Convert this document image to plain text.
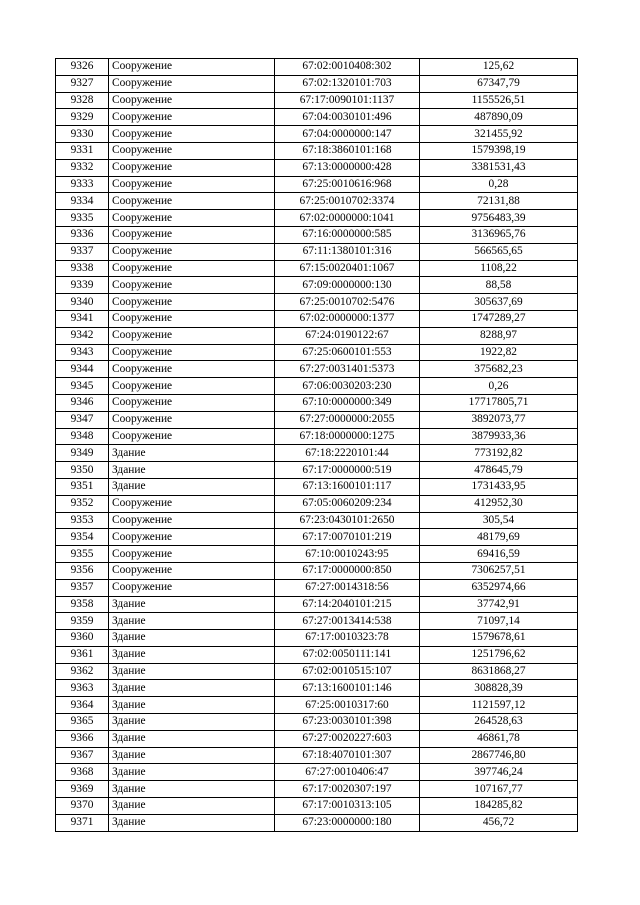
9326	Сооружение	67:02:0010408:302	125,62
9327	Сооружение	67:02:1320101:703	67347,79
9328	Сооружение	67:17:0090101:1137	1155526,51
9329	Сооружение	67:04:0030101:496	487890,09
9330	Сооружение	67:04:0000000:147	321455,92
9331	Сооружение	67:18:3860101:168	1579398,19
9332	Сооружение	67:13:0000000:428	3381531,43
9333	Сооружение	67:25:0010616:968	0,28
9334	Сооружение	67:25:0010702:3374	72131,88
9335	Сооружение	67:02:0000000:1041	9756483,39
9336	Сооружение	67:16:0000000:585	3136965,76
9337	Сооружение	67:11:1380101:316	566565,65
9338	Сооружение	67:15:0020401:1067	1108,22
9339	Сооружение	67:09:0000000:130	88,58
9340	Сооружение	67:25:0010702:5476	305637,69
9341	Сооружение	67:02:0000000:1377	1747289,27
9342	Сооружение	67:24:0190122:67	8288,97
9343	Сооружение	67:25:0600101:553	1922,82
9344	Сооружение	67:27:0031401:5373	375682,23
9345	Сооружение	67:06:0030203:230	0,26
9346	Сооружение	67:10:0000000:349	17717805,71
9347	Сооружение	67:27:0000000:2055	3892073,77
9348	Сооружение	67:18:0000000:1275	3879933,36
9349	Здание	67:18:2220101:44	773192,82
9350	Здание	67:17:0000000:519	478645,79
9351	Здание	67:13:1600101:117	1731433,95
9352	Сооружение	67:05:0060209:234	412952,30
9353	Сооружение	67:23:0430101:2650	305,54
9354	Сооружение	67:17:0070101:219	48179,69
9355	Сооружение	67:10:0010243:95	69416,59
9356	Сооружение	67:17:0000000:850	7306257,51
9357	Сооружение	67:27:0014318:56	6352974,66
9358	Здание	67:14:2040101:215	37742,91
9359	Здание	67:27:0013414:538	71097,14
9360	Здание	67:17:0010323:78	1579678,61
9361	Здание	67:02:0050111:141	1251796,62
9362	Здание	67:02:0010515:107	8631868,27
9363	Здание	67:13:1600101:146	308828,39
9364	Здание	67:25:0010317:60	1121597,12
9365	Здание	67:23:0030101:398	264528,63
9366	Здание	67:27:0020227:603	46861,78
9367	Здание	67:18:4070101:307	2867746,80
9368	Здание	67:27:0010406:47	397746,24
9369	Здание	67:17:0020307:197	107167,77
9370	Здание	67:17:0010313:105	184285,82
9371	Здание	67:23:0000000:180	456,72
